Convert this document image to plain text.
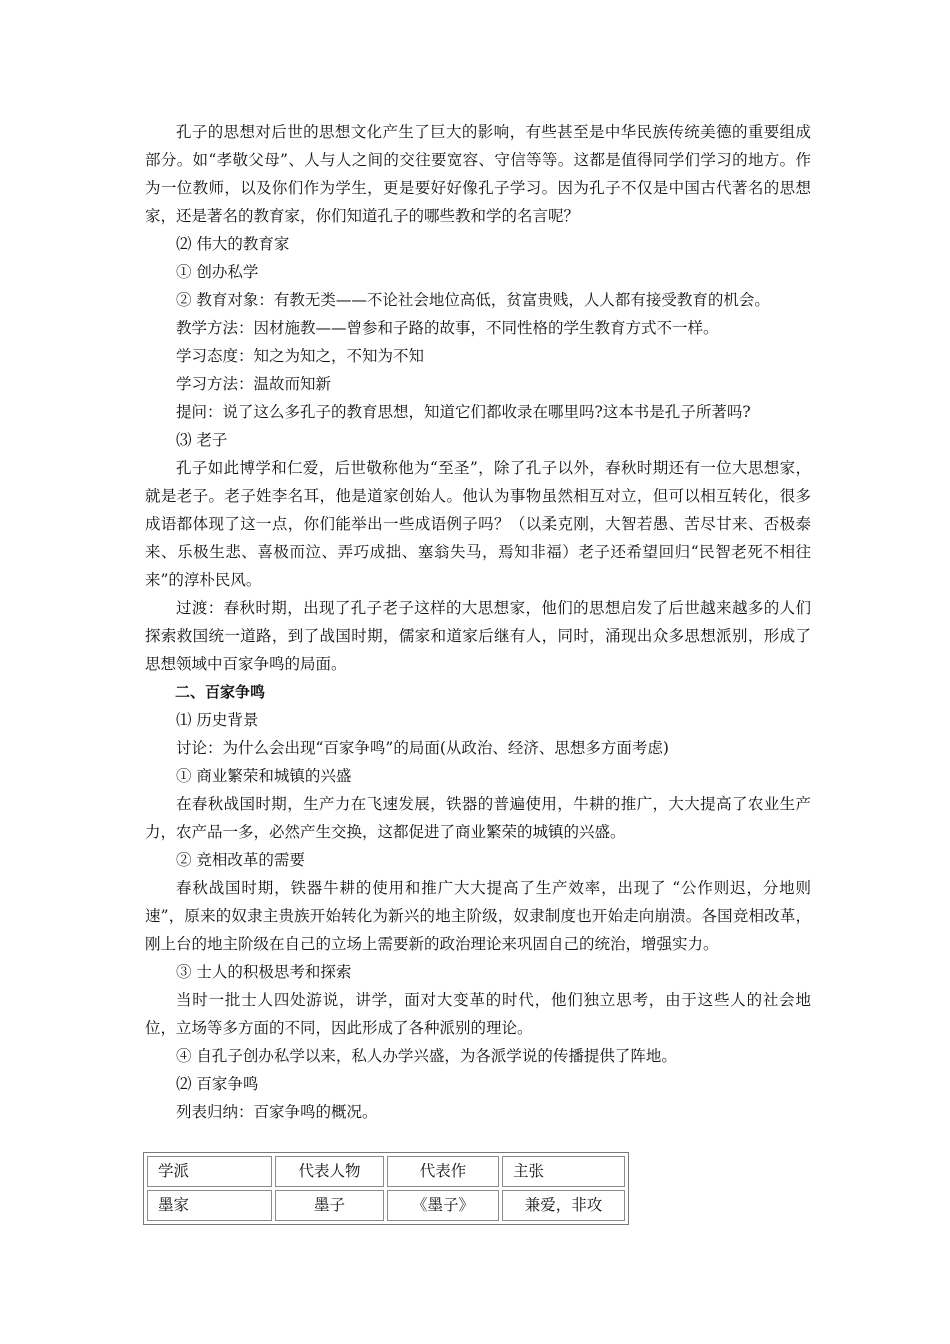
孔子的思想对后世的思想文化产生了巨大的影响，有些甚至是中华民族传统美德的重要组成部分。如“孝敬父母”、人与人之间的交往要宽容、守信等等。这都是值得同学们学习的地方。作为一位教师，以及你们作为学生，更是要好好像孔子学习。因为孔子不仅是中国古代著名的思想家，还是著名的教育家，你们知道孔子的哪些教和学的名言呢？

⑵ 伟大的教育家

① 创办私学

② 教育对象：有教无类——不论社会地位高低，贫富贵贱，人人都有接受教育的机会。

教学方法：因材施教——曾参和子路的故事，不同性格的学生教育方式不一样。

学习态度：知之为知之，不知为不知

学习方法：温故而知新

提问：说了这么多孔子的教育思想，知道它们都收录在哪里吗?这本书是孔子所著吗?

⑶ 老子

孔子如此博学和仁爱，后世敬称他为“至圣”，除了孔子以外，春秋时期还有一位大思想家，就是老子。老子姓李名耳，他是道家创始人。他认为事物虽然相互对立，但可以相互转化，很多成语都体现了这一点，你们能举出一些成语例子吗？（以柔克刚，大智若愚、苦尽甘来、否极泰来、乐极生悲、喜极而泣、弄巧成拙、塞翁失马，焉知非福）老子还希望回归“民智老死不相往来”的淳朴民风。

过渡：春秋时期，出现了孔子老子这样的大思想家，他们的思想启发了后世越来越多的人们探索救国统一道路，到了战国时期，儒家和道家后继有人，同时，涌现出众多思想派别，形成了思想领域中百家争鸣的局面。

二、百家争鸣

⑴ 历史背景

讨论：为什么会出现“百家争鸣”的局面(从政治、经济、思想多方面考虑)

① 商业繁荣和城镇的兴盛

在春秋战国时期，生产力在飞速发展，铁器的普遍使用，牛耕的推广，大大提高了农业生产力，农产品一多，必然产生交换，这都促进了商业繁荣的城镇的兴盛。

② 竞相改革的需要

春秋战国时期，铁器牛耕的使用和推广大大提高了生产效率，出现了 “公作则迟，分地则速”，原来的奴隶主贵族开始转化为新兴的地主阶级，奴隶制度也开始走向崩溃。各国竞相改革，刚上台的地主阶级在自己的立场上需要新的政治理论来巩固自己的统治，增强实力。

③ 士人的积极思考和探索

当时一批士人四处游说，讲学，面对大变革的时代，他们独立思考，由于这些人的社会地位，立场等多方面的不同，因此形成了各种派别的理论。

④ 自孔子创办私学以来，私人办学兴盛，为各派学说的传播提供了阵地。

⑵ 百家争鸣

列表归纳：百家争鸣的概况。

学派	代表人物	代表作	主张
墨家	墨子	《墨子》	兼爱，非攻
